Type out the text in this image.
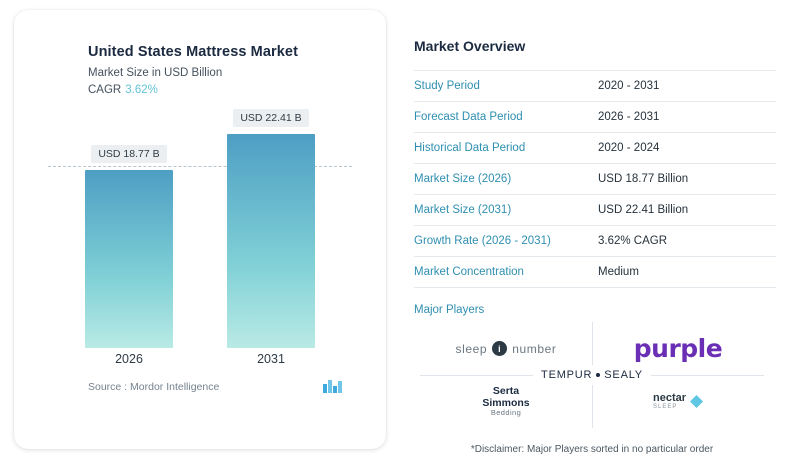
United States Mattress Market
Market Size in USD Billion
CAGR 3.62%
USD 18.77 B
USD 22.41 B
2026	2031
Source : Mordor Intelligence
Market Overview
Study Period	2020 - 2031
Forecast Data Period	2026 - 2031
Historical Data Period	2020 - 2024
Market Size (2026)	USD 18.77 Billion
Market Size (2031)	USD 22.41 Billion
Growth Rate (2026 - 2031)	3.62% CAGR
Market Concentration	Medium
Major Players
sleep	i number	purple
Serta
Simmons
Bedding
nectar
SLEEP
TEMPUR SEALY
*Disclaimer: Major Players sorted in no particular order
